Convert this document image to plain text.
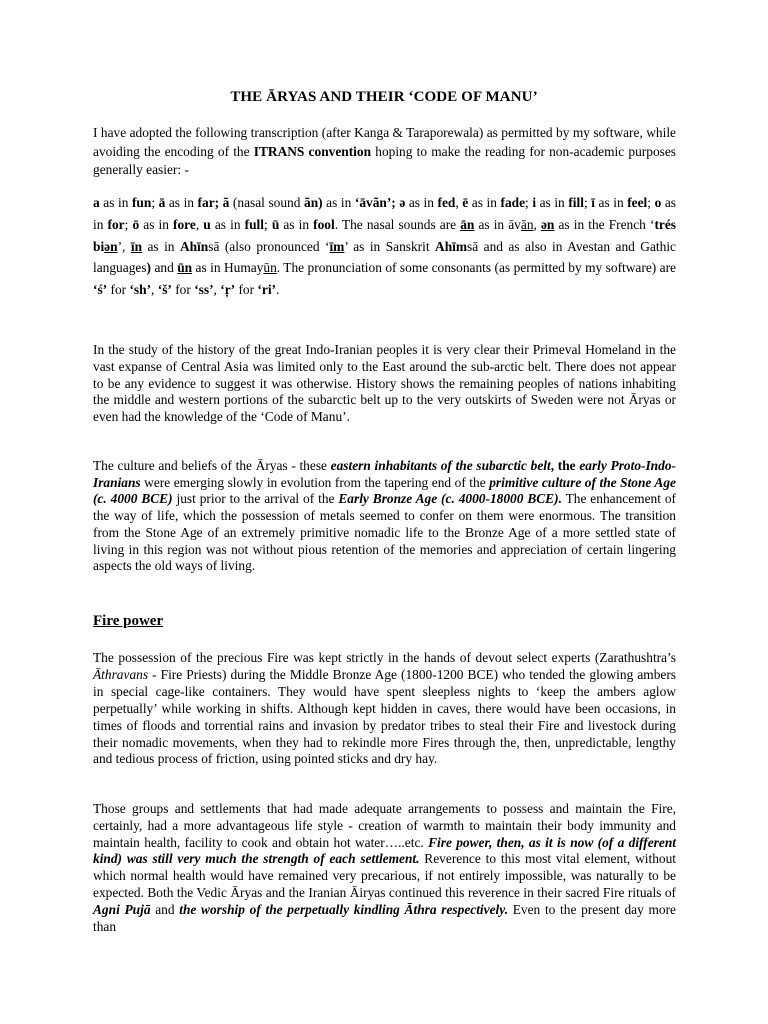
THE ĀRYAS AND THEIR ‘CODE OF MANU’
I have adopted the following transcription (after Kanga & Taraporewala) as permitted by my software, while avoiding the encoding of the ITRANS convention hoping to make the reading for non-academic purposes generally easier: -
a as in fun; ā as in far; ã (nasal sound ãn) as in ‘āvãn’; ə as in fed, ē as in fade; i as in fill; ī as in feel; o as in for; ō as in fore, u as in full; ū as in fool. The nasal sounds are ān as in āvān, ən as in the French ‘trés biən’, īn as in Ahīnsā (also pronounced ‘īm’ as in Sanskrit Ahīmsā and as also in Avestan and Gathic languages) and ūn as in Humayūn. The pronunciation of some consonants (as permitted by my software) are ‘ś’ for ‘sh’, ‘š’ for ‘ss’, ‘ŗ’ for ‘ri’.
In the study of the history of the great Indo-Iranian peoples it is very clear their Primeval Homeland in the vast expanse of Central Asia was limited only to the East around the sub-arctic belt. There does not appear to be any evidence to suggest it was otherwise. History shows the remaining peoples of nations inhabiting the middle and western portions of the subarctic belt up to the very outskirts of Sweden were not Āryas or even had the knowledge of the ‘Code of Manu’.
The culture and beliefs of the Āryas - these eastern inhabitants of the subarctic belt, the early Proto-Indo-Iranians were emerging slowly in evolution from the tapering end of the primitive culture of the Stone Age (c. 4000 BCE) just prior to the arrival of the Early Bronze Age (c. 4000-18000 BCE). The enhancement of the way of life, which the possession of metals seemed to confer on them were enormous. The transition from the Stone Age of an extremely primitive nomadic life to the Bronze Age of a more settled state of living in this region was not without pious retention of the memories and appreciation of certain lingering aspects the old ways of living.
Fire power
The possession of the precious Fire was kept strictly in the hands of devout select experts (Zarathushtra’s Āthravans - Fire Priests) during the Middle Bronze Age (1800-1200 BCE) who tended the glowing ambers in special cage-like containers. They would have spent sleepless nights to ‘keep the ambers aglow perpetually’ while working in shifts. Although kept hidden in caves, there would have been occasions, in times of floods and torrential rains and invasion by predator tribes to steal their Fire and livestock during their nomadic movements, when they had to rekindle more Fires through the, then, unpredictable, lengthy and tedious process of friction, using pointed sticks and dry hay.
Those groups and settlements that had made adequate arrangements to possess and maintain the Fire, certainly, had a more advantageous life style - creation of warmth to maintain their body immunity and maintain health, facility to cook and obtain hot water…..etc. Fire power, then, as it is now (of a different kind) was still very much the strength of each settlement. Reverence to this most vital element, without which normal health would have remained very precarious, if not entirely impossible, was naturally to be expected. Both the Vedic Āryas and the Iranian Āiryas continued this reverence in their sacred Fire rituals of Agni Pujā and the worship of the perpetually kindling Āthra respectively. Even to the present day more than
